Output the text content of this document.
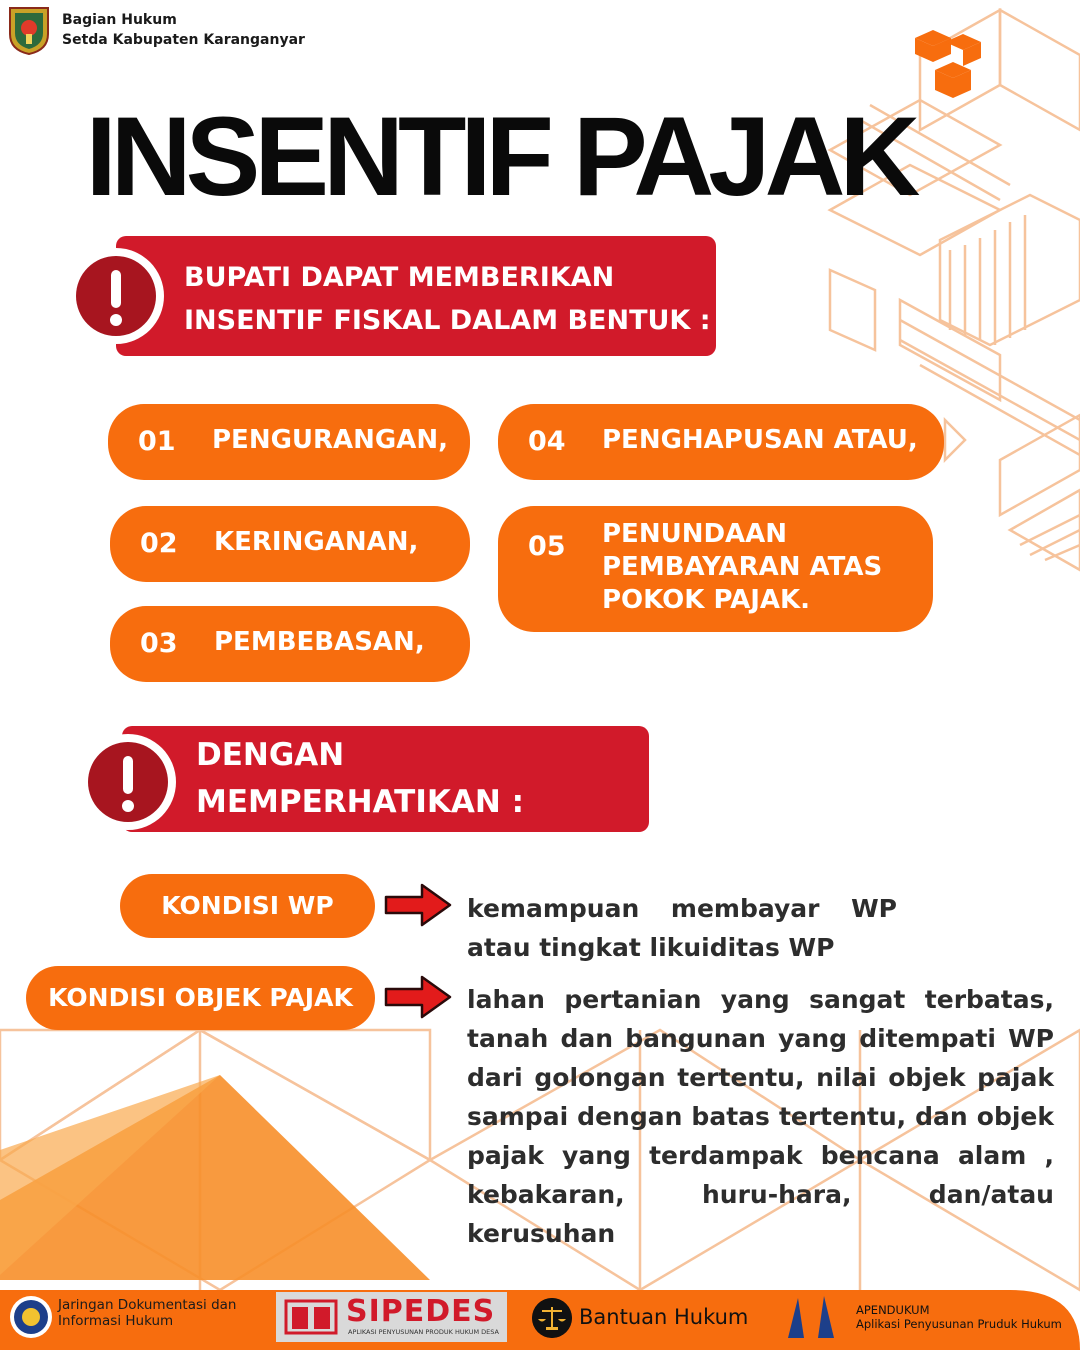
Bagian Hukum
Setda Kabupaten Karanganyar
INSENTIF PAJAK
BUPATI DAPAT MEMBERIKAN
INSENTIF FISKAL DALAM BENTUK :
01 PENGURANGAN,
02 KERINGANAN,
03 PEMBEBASAN,
04 PENGHAPUSAN ATAU,
05 PENUNDAAN
PEMBAYARAN ATAS
POKOK PAJAK.
DENGAN
MEMPERHATIKAN :
KONDISI WP	kemampuan membayar WP atau tingkat likuiditas WP
KONDISI OBJEK PAJAK	lahan pertanian yang sangat terbatas, tanah dan bangunan yang ditempati WP dari golongan tertentu, nilai objek pajak sampai dengan batas tertentu, dan objek pajak yang terdampak bencana alam , kebakaran, huru-hara, dan/atau kerusuhan
Jaringan Dokumentasi dan
Informasi Hukum	SIPEDES
APLIKASI PENYUSUNAN PRODUK HUKUM DESA
Bantuan Hukum	APENDUKUM
Aplikasi Penyusunan Pruduk Hukum
